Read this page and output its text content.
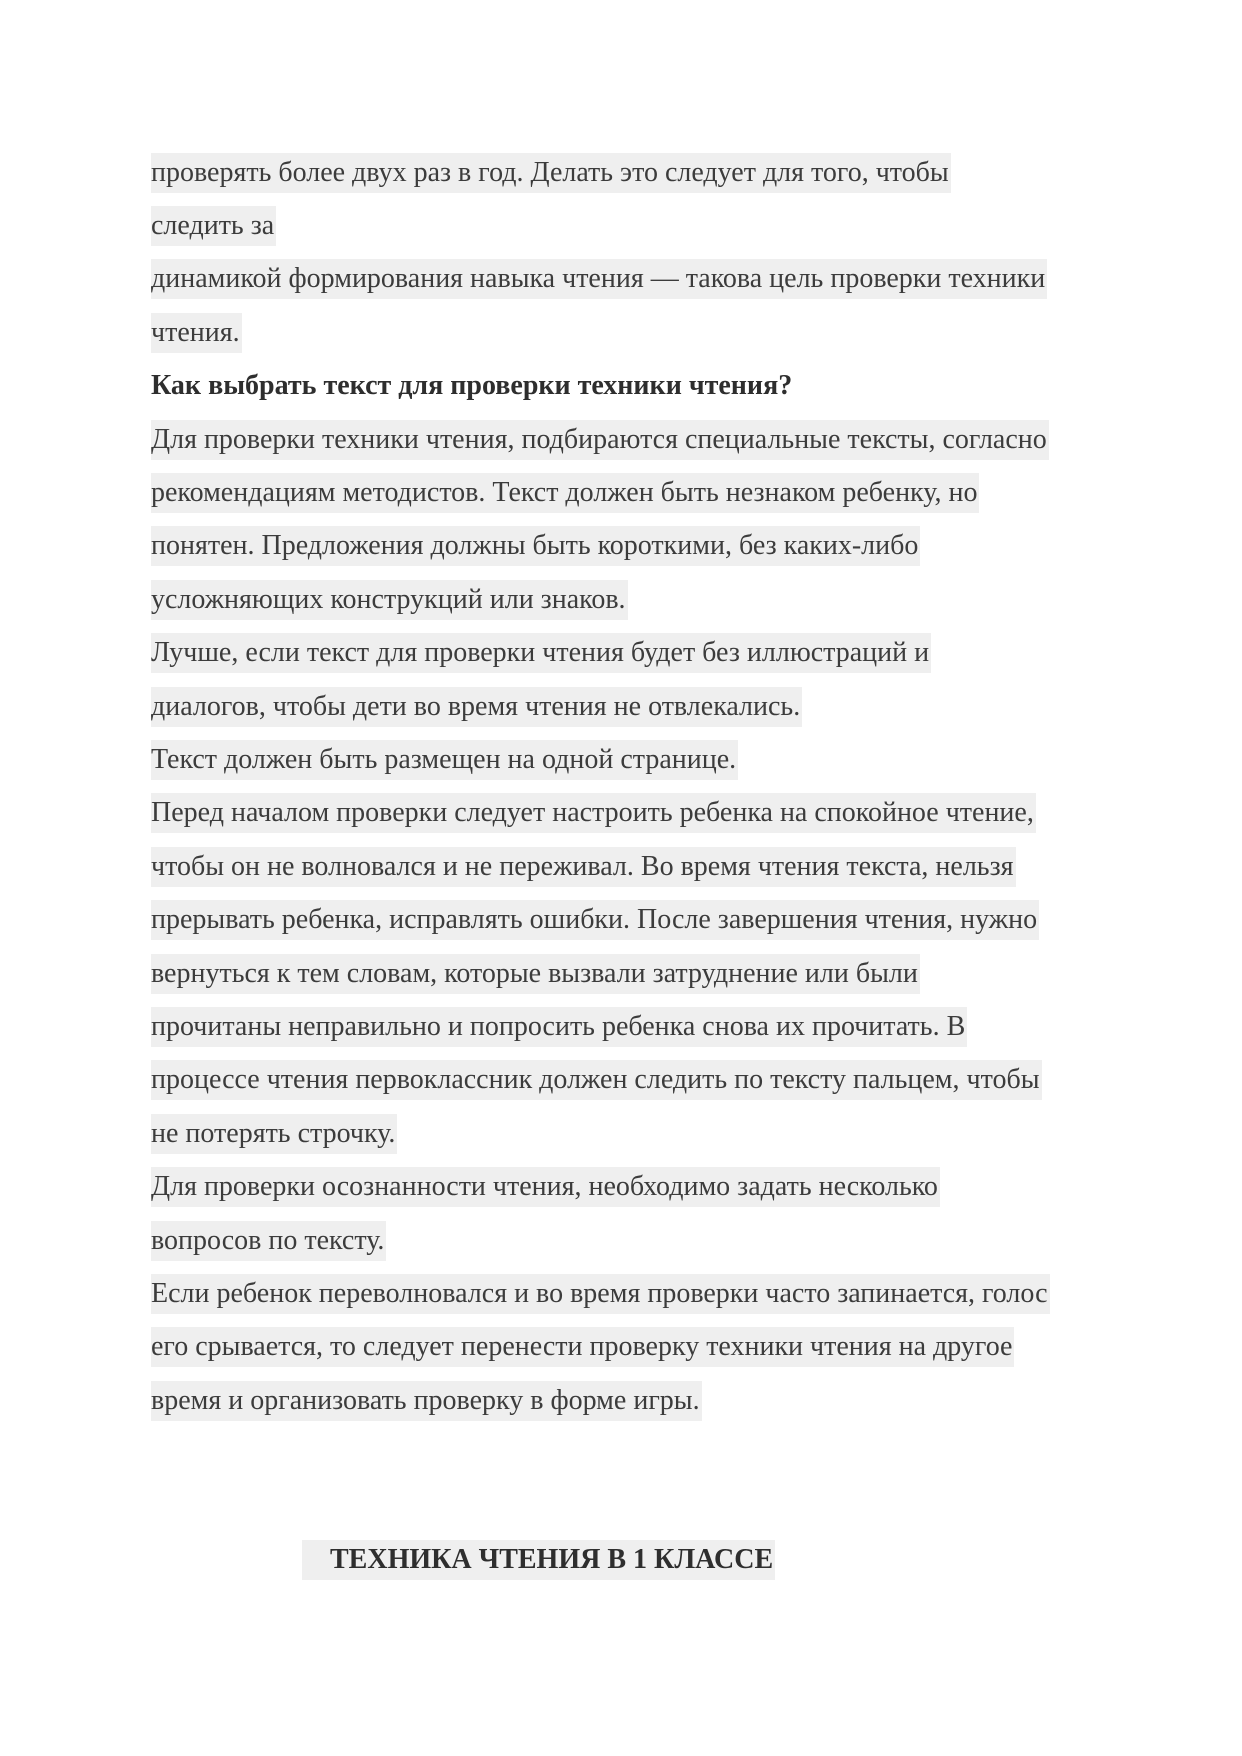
проверять более двух раз в год. Делать это следует для того, чтобы
следить за
динамикой формирования навыка чтения — такова цель проверки техники
чтения.
Как выбрать текст для проверки техники чтения?
Для проверки техники чтения, подбираются специальные тексты, согласно
рекомендациям методистов. Текст должен быть незнаком ребенку, но
понятен. Предложения должны быть короткими, без каких-либо
усложняющих конструкций или знаков.
Лучше, если текст для проверки чтения будет без иллюстраций и
диалогов, чтобы дети во время чтения не отвлекались.
Текст должен быть размещен на одной странице.
Перед началом проверки следует настроить ребенка на спокойное чтение,
чтобы он не волновался и не переживал. Во время чтения текста, нельзя
прерывать ребенка, исправлять ошибки. После завершения чтения, нужно
вернуться к тем словам, которые вызвали затруднение или были
прочитаны неправильно и попросить ребенка снова их прочитать. В
процессе чтения первоклассник должен следить по тексту пальцем, чтобы
не потерять строчку.
Для проверки осознанности чтения, необходимо задать несколько
вопросов по тексту.
Если ребенок переволновался и во время проверки часто запинается, голос
его срывается, то следует перенести проверку техники чтения на другое
время и организовать проверку в форме игры.
ТЕХНИКА ЧТЕНИЯ В 1 КЛАССЕ
